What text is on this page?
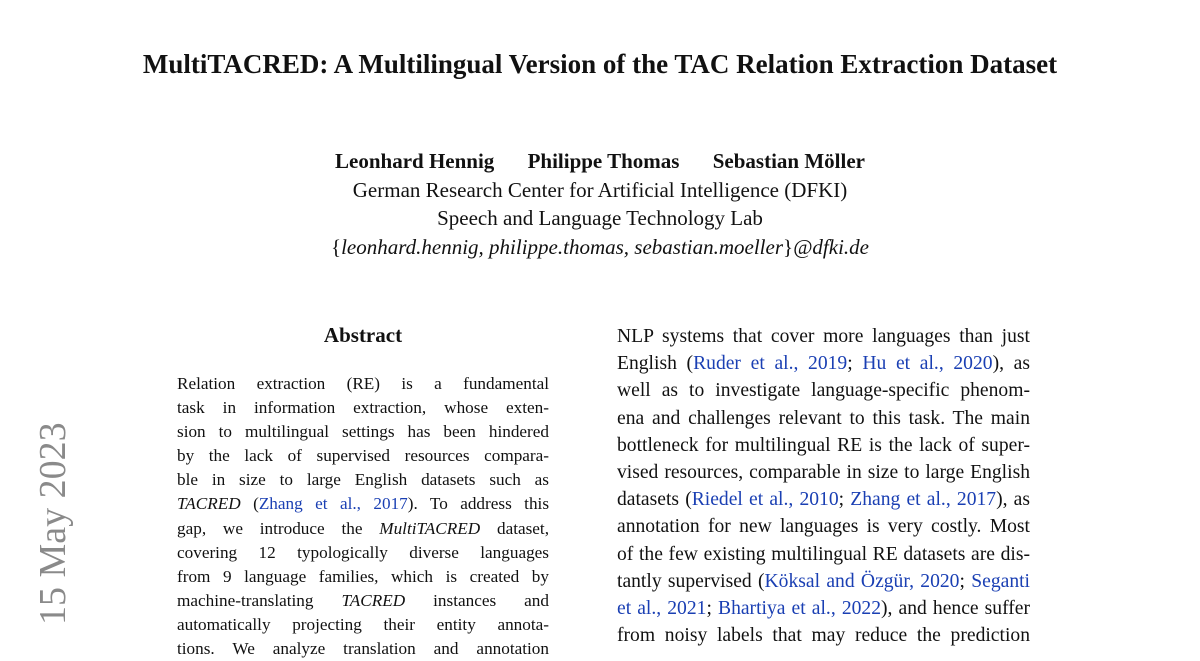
15 May 2023
MultiTACRED: A Multilingual Version of the TAC Relation Extraction Dataset
Leonhard Hennig Philippe Thomas Sebastian Möller
German Research Center for Artificial Intelligence (DFKI)
Speech and Language Technology Lab
{leonhard.hennig, philippe.thomas, sebastian.moeller}@dfki.de
Abstract
Relation extraction (RE) is a fundamental
task in information extraction, whose exten-
sion to multilingual settings has been hindered
by the lack of supervised resources compara-
ble in size to large English datasets such as
TACRED (Zhang et al., 2017). To address this
gap, we introduce the MultiTACRED dataset,
covering 12 typologically diverse languages
from 9 language families, which is created by
machine-translating TACRED instances and
automatically projecting their entity annota-
tions. We analyze translation and annotation
NLP systems that cover more languages than just
English (Ruder et al., 2019; Hu et al., 2020), as
well as to investigate language-specific phenom-
ena and challenges relevant to this task. The main
bottleneck for multilingual RE is the lack of super-
vised resources, comparable in size to large English
datasets (Riedel et al., 2010; Zhang et al., 2017), as
annotation for new languages is very costly. Most
of the few existing multilingual RE datasets are dis-
tantly supervised (Köksal and Özgür, 2020; Seganti
et al., 2021; Bhartiya et al., 2022), and hence suffer
from noisy labels that may reduce the prediction
